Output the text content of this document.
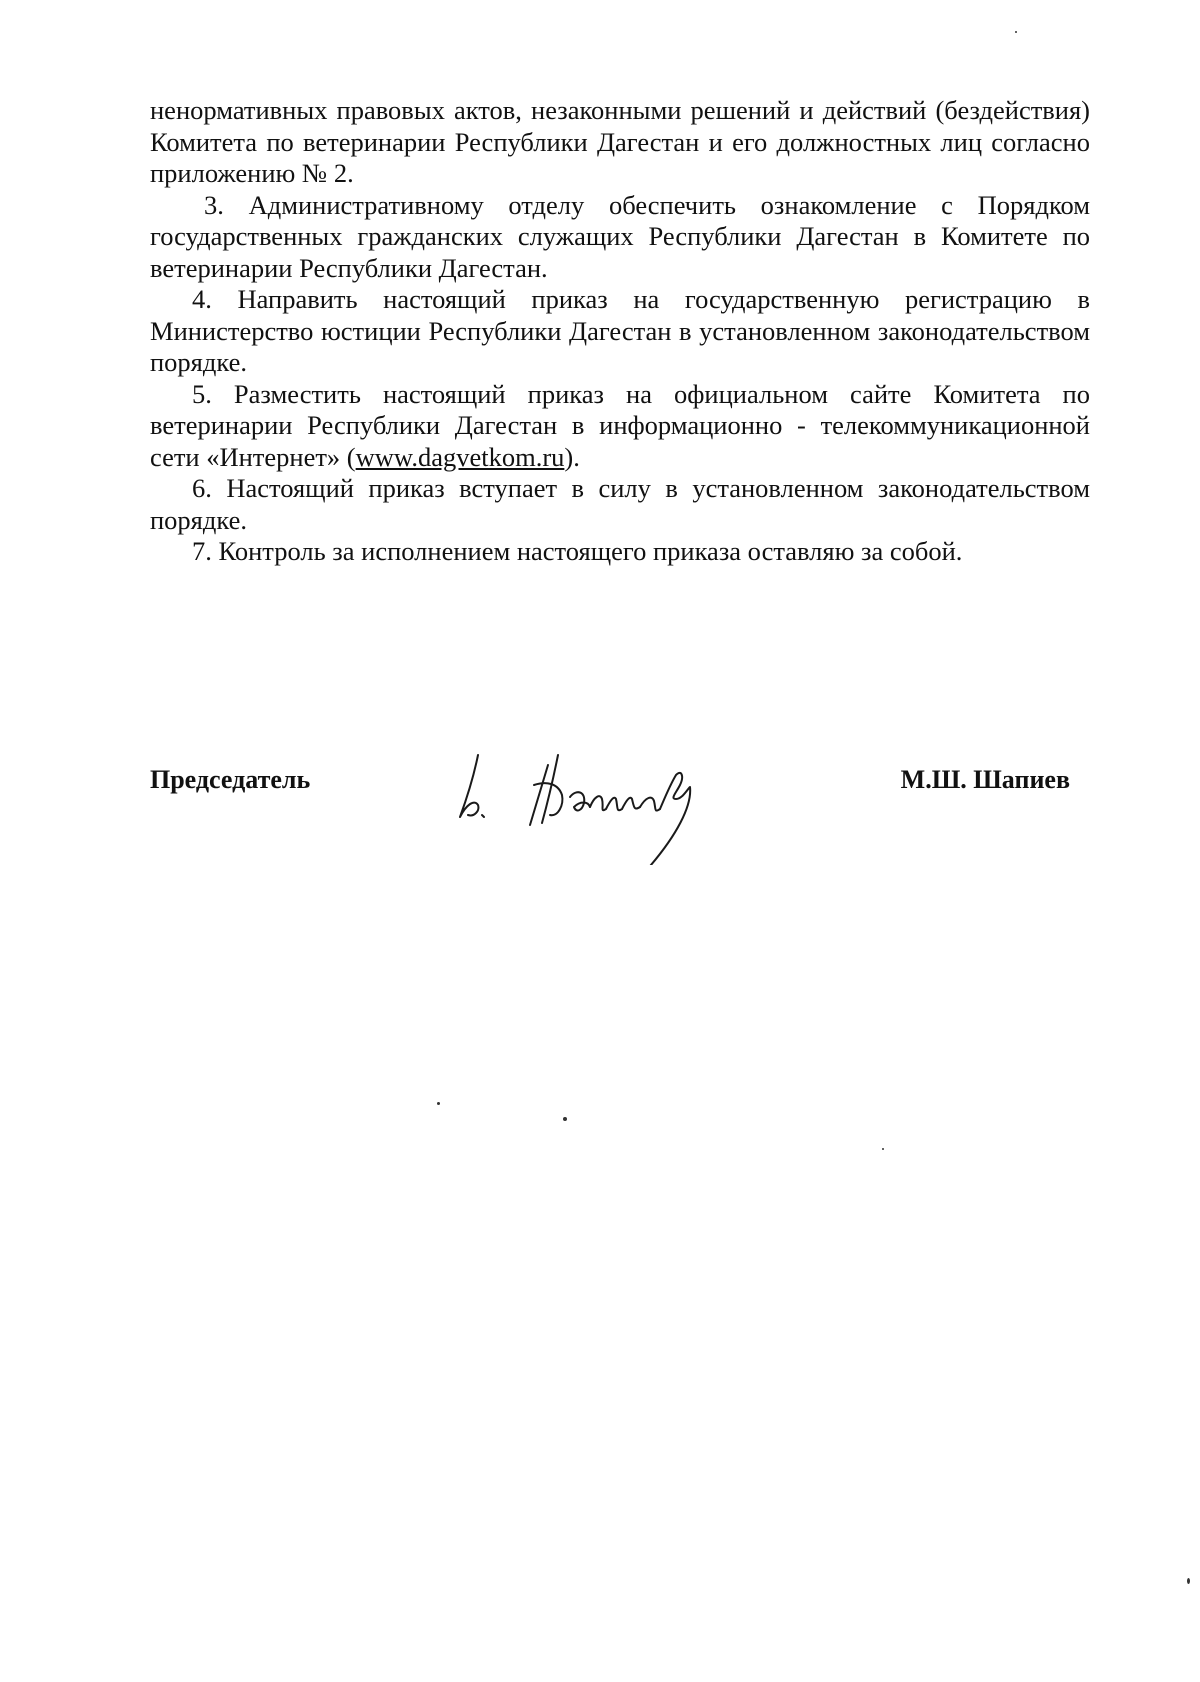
ненормативных правовых актов, незаконными решений и действий (бездействия) Комитета по ветеринарии Республики Дагестан и его должностных лиц согласно приложению № 2.

3. Административному отделу обеспечить ознакомление с Порядком государственных гражданских служащих Республики Дагестан в Комитете по ветеринарии Республики Дагестан.

4. Направить настоящий приказ на государственную регистрацию в Министерство юстиции Республики Дагестан в установленном законодательством порядке.

5. Разместить настоящий приказ на официальном сайте Комитета по ветеринарии Республики Дагестан в информационно - телекоммуникационной сети «Интернет» (www.dagvetkom.ru).

6. Настоящий приказ вступает в силу в установленном законодательством порядке.

7. Контроль за исполнением настоящего приказа оставляю за собой.

Председатель	М.Ш. Шапиев
